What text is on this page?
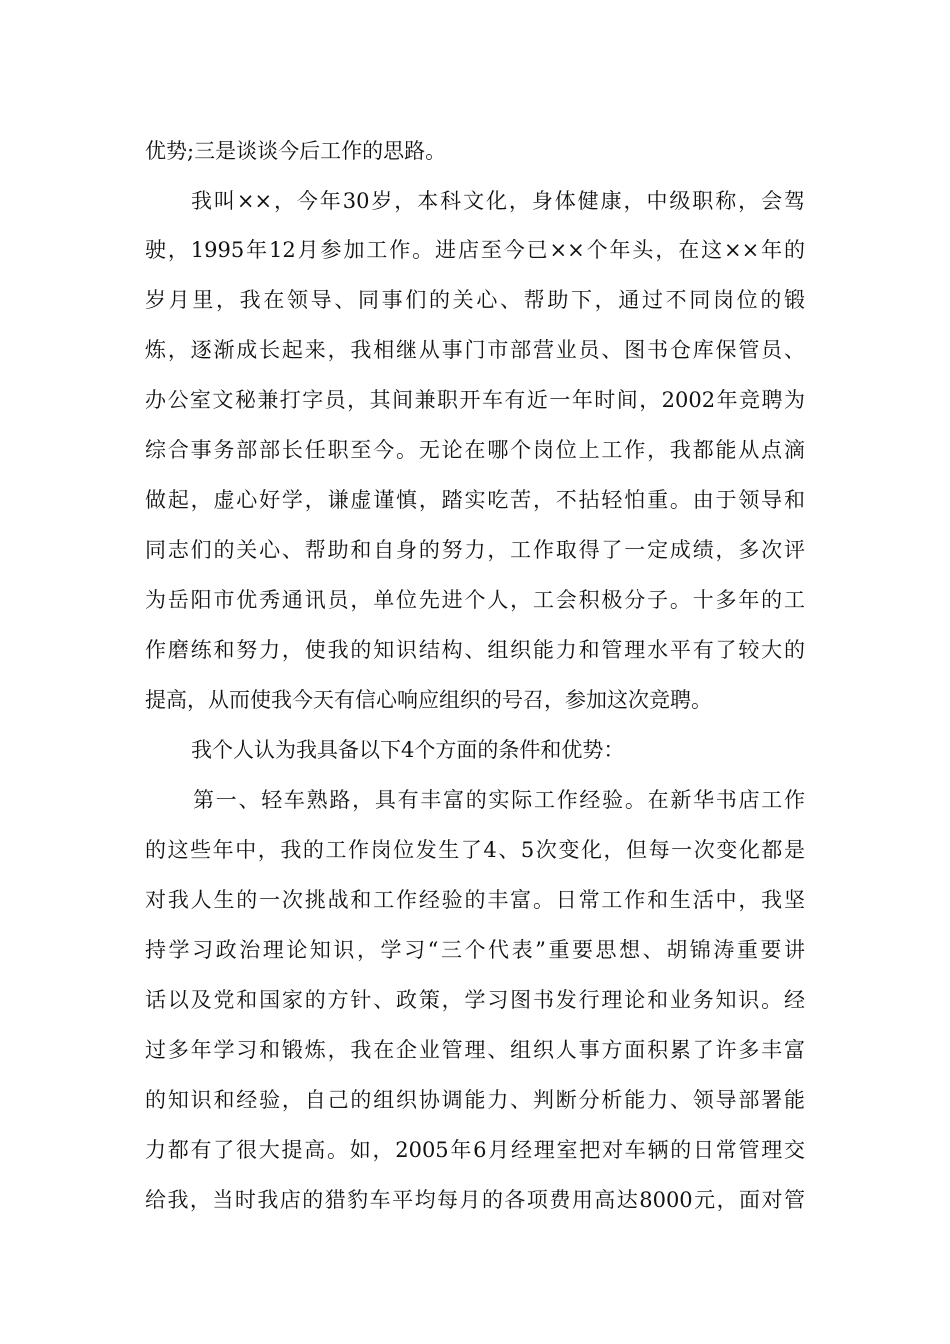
优势;三是谈谈今后工作的思路。
我叫××，今年30岁，本科文化，身体健康，中级职称，会驾
驶，1995年12月参加工作。进店至今已××个年头，在这××年的
岁月里，我在领导、同事们的关心、帮助下，通过不同岗位的锻
炼，逐渐成长起来，我相继从事门市部营业员、图书仓库保管员、
办公室文秘兼打字员，其间兼职开车有近一年时间，2002年竞聘为
综合事务部部长任职至今。无论在哪个岗位上工作，我都能从点滴
做起，虚心好学，谦虚谨慎，踏实吃苦，不拈轻怕重。由于领导和
同志们的关心、帮助和自身的努力，工作取得了一定成绩，多次评
为岳阳市优秀通讯员，单位先进个人，工会积极分子。十多年的工
作磨练和努力，使我的知识结构、组织能力和管理水平有了较大的
提高，从而使我今天有信心响应组织的号召，参加这次竞聘。
我个人认为我具备以下4个方面的条件和优势：
第一、轻车熟路，具有丰富的实际工作经验。在新华书店工作
的这些年中，我的工作岗位发生了4、5次变化，但每一次变化都是
对我人生的一次挑战和工作经验的丰富。日常工作和生活中，我坚
持学习政治理论知识，学习“三个代表”重要思想、胡锦涛重要讲
话以及党和国家的方针、政策，学习图书发行理论和业务知识。经
过多年学习和锻炼，我在企业管理、组织人事方面积累了许多丰富
的知识和经验，自己的组织协调能力、判断分析能力、领导部署能
力都有了很大提高。如，2005年6月经理室把对车辆的日常管理交
给我，当时我店的猎豹车平均每月的各项费用高达8000元，面对管
